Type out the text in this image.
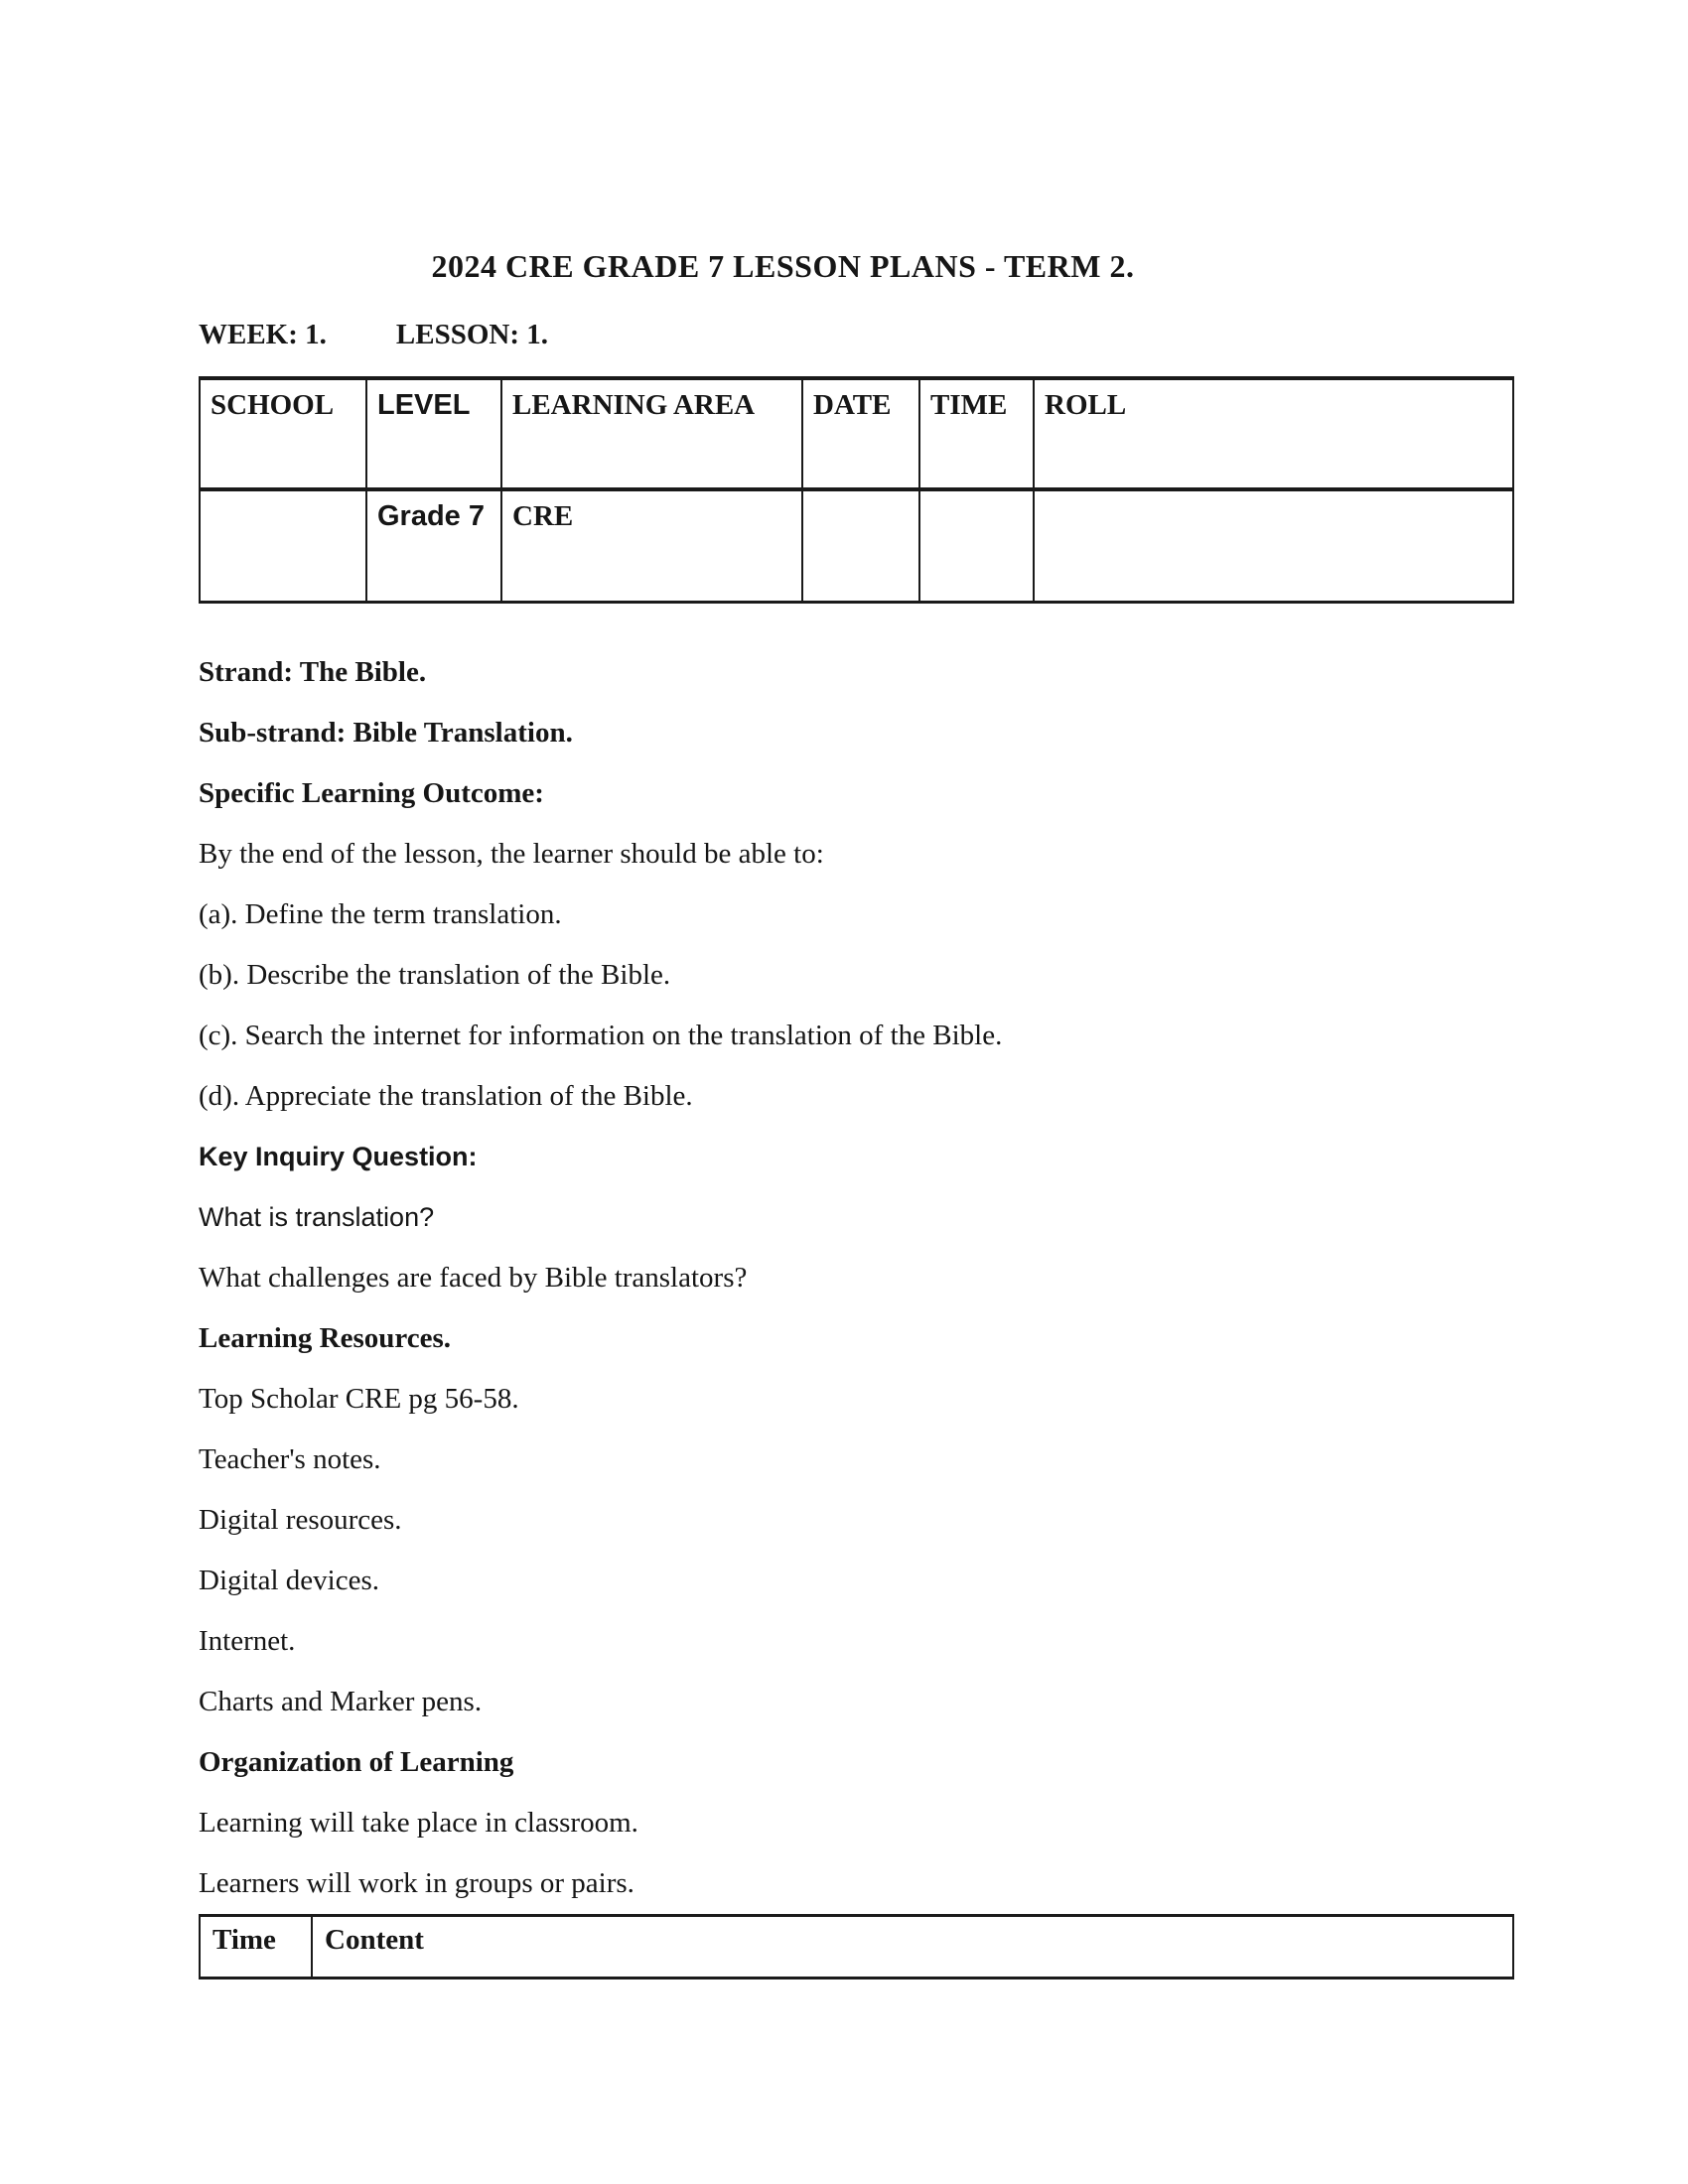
2024 CRE GRADE 7 LESSON PLANS - TERM 2.
WEEK: 1. LESSON: 1.
SCHOOL	LEVEL	LEARNING AREA	DATE	TIME	ROLL
	Grade 7	CRE			

Strand: The Bible.

Sub-strand: Bible Translation.

Specific Learning Outcome:

By the end of the lesson, the learner should be able to:

(a). Define the term translation.

(b). Describe the translation of the Bible.

(c). Search the internet for information on the translation of the Bible.

(d). Appreciate the translation of the Bible.

Key Inquiry Question:

What is translation?

What challenges are faced by Bible translators?

Learning Resources.

Top Scholar CRE pg 56-58.

Teacher's notes.

Digital resources.

Digital devices.

Internet.

Charts and Marker pens.

Organization of Learning

Learning will take place in classroom.

Learners will work in groups or pairs.

Time	Content
